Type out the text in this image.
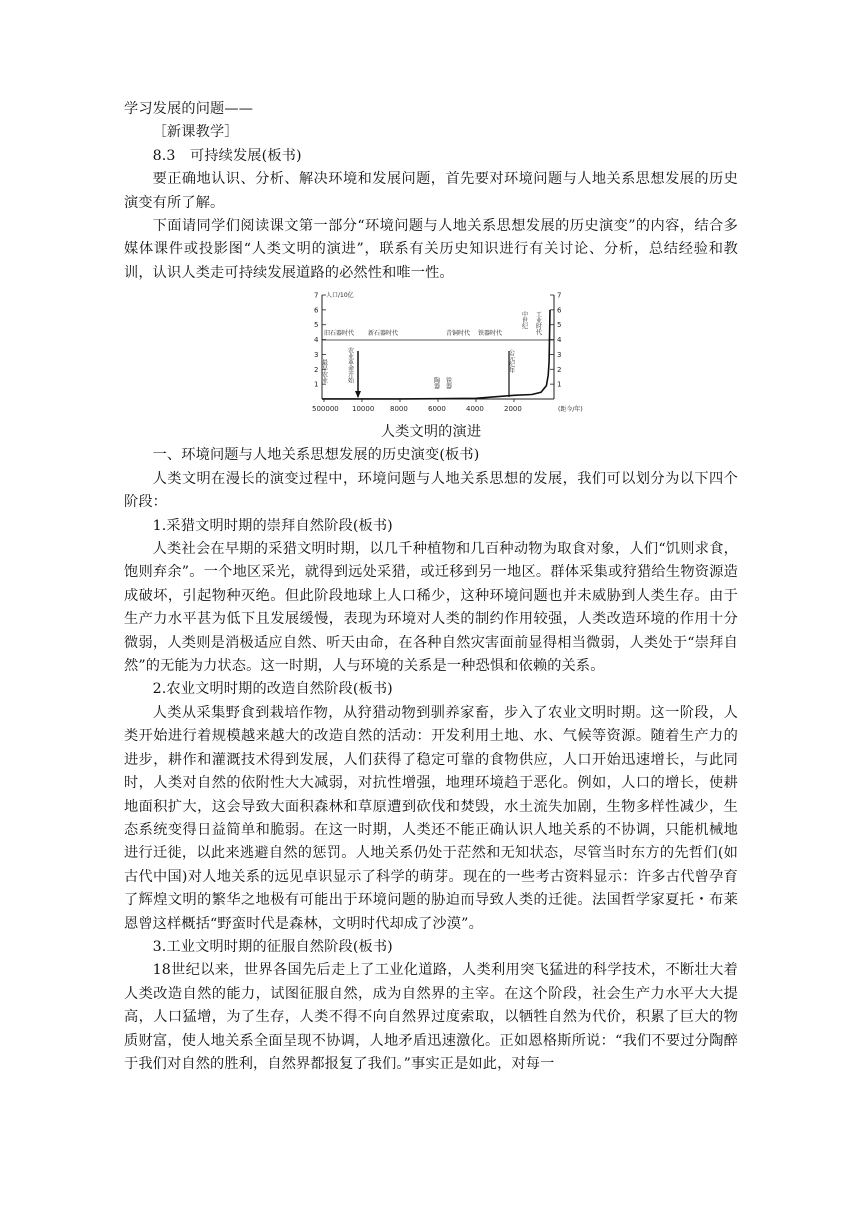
学习发展的问题——

［新课教学］

8.3　可持续发展(板书)

要正确地认识、分析、解决环境和发展问题，首先要对环境问题与人地关系思想发展的历史演变有所了解。

下面请同学们阅读课文第一部分“环境问题与人地关系思想发展的历史演变”的内容，结合多媒体课件或投影图“人类文明的演进”，联系有关历史知识进行有关讨论、分析，总结经验和教训，认识人类走可持续发展道路的必然性和唯一性。

1	1
2	2
3	3
4	4
5	5
6	6
7	7
500000 10000 8000	6000	4000	2000
旧石器时代 新石器时代	青铜时代 铁器时代
中世纪 工业时代
最早农业	农业革命开始	陶器 铁器
公元纪年
人口/10亿
(距今/年)

人类文明的演进

一、环境问题与人地关系思想发展的历史演变(板书)

人类文明在漫长的演变过程中，环境问题与人地关系思想的发展，我们可以划分为以下四个阶段：

1.采猎文明时期的崇拜自然阶段(板书)

人类社会在早期的采猎文明时期，以几千种植物和几百种动物为取食对象，人们“饥则求食，饱则弃余”。一个地区采光，就得到远处采猎，或迁移到另一地区。群体采集或狩猎给生物资源造成破坏，引起物种灭绝。但此阶段地球上人口稀少，这种环境问题也并未威胁到人类生存。由于生产力水平甚为低下且发展缓慢，表现为环境对人类的制约作用较强，人类改造环境的作用十分微弱，人类则是消极适应自然、听天由命，在各种自然灾害面前显得相当微弱，人类处于“崇拜自然”的无能为力状态。这一时期，人与环境的关系是一种恐惧和依赖的关系。

2.农业文明时期的改造自然阶段(板书)

人类从采集野食到栽培作物，从狩猎动物到驯养家畜，步入了农业文明时期。这一阶段，人类开始进行着规模越来越大的改造自然的活动：开发利用土地、水、气候等资源。随着生产力的进步，耕作和灌溉技术得到发展，人们获得了稳定可靠的食物供应，人口开始迅速增长，与此同时，人类对自然的依附性大大减弱，对抗性增强，地理环境趋于恶化。例如，人口的增长，使耕地面积扩大，这会导致大面积森林和草原遭到砍伐和焚毁，水土流失加剧，生物多样性减少，生态系统变得日益简单和脆弱。在这一时期，人类还不能正确认识人地关系的不协调，只能机械地进行迁徙，以此来逃避自然的惩罚。人地关系仍处于茫然和无知状态，尽管当时东方的先哲们(如古代中国)对人地关系的远见卓识显示了科学的萌芽。现在的一些考古资料显示：许多古代曾孕育了辉煌文明的繁华之地极有可能出于环境问题的胁迫而导致人类的迁徙。法国哲学家夏托・布莱恩曾这样概括“野蛮时代是森林，文明时代却成了沙漠”。

3.工业文明时期的征服自然阶段(板书)

18世纪以来，世界各国先后走上了工业化道路，人类利用突飞猛进的科学技术，不断壮大着人类改造自然的能力，试图征服自然，成为自然界的主宰。在这个阶段，社会生产力水平大大提高，人口猛增，为了生存，人类不得不向自然界过度索取，以牺牲自然为代价，积累了巨大的物质财富，使人地关系全面呈现不协调，人地矛盾迅速激化。正如恩格斯所说：“我们不要过分陶醉于我们对自然的胜利，自然界都报复了我们。”事实正是如此，对每一
